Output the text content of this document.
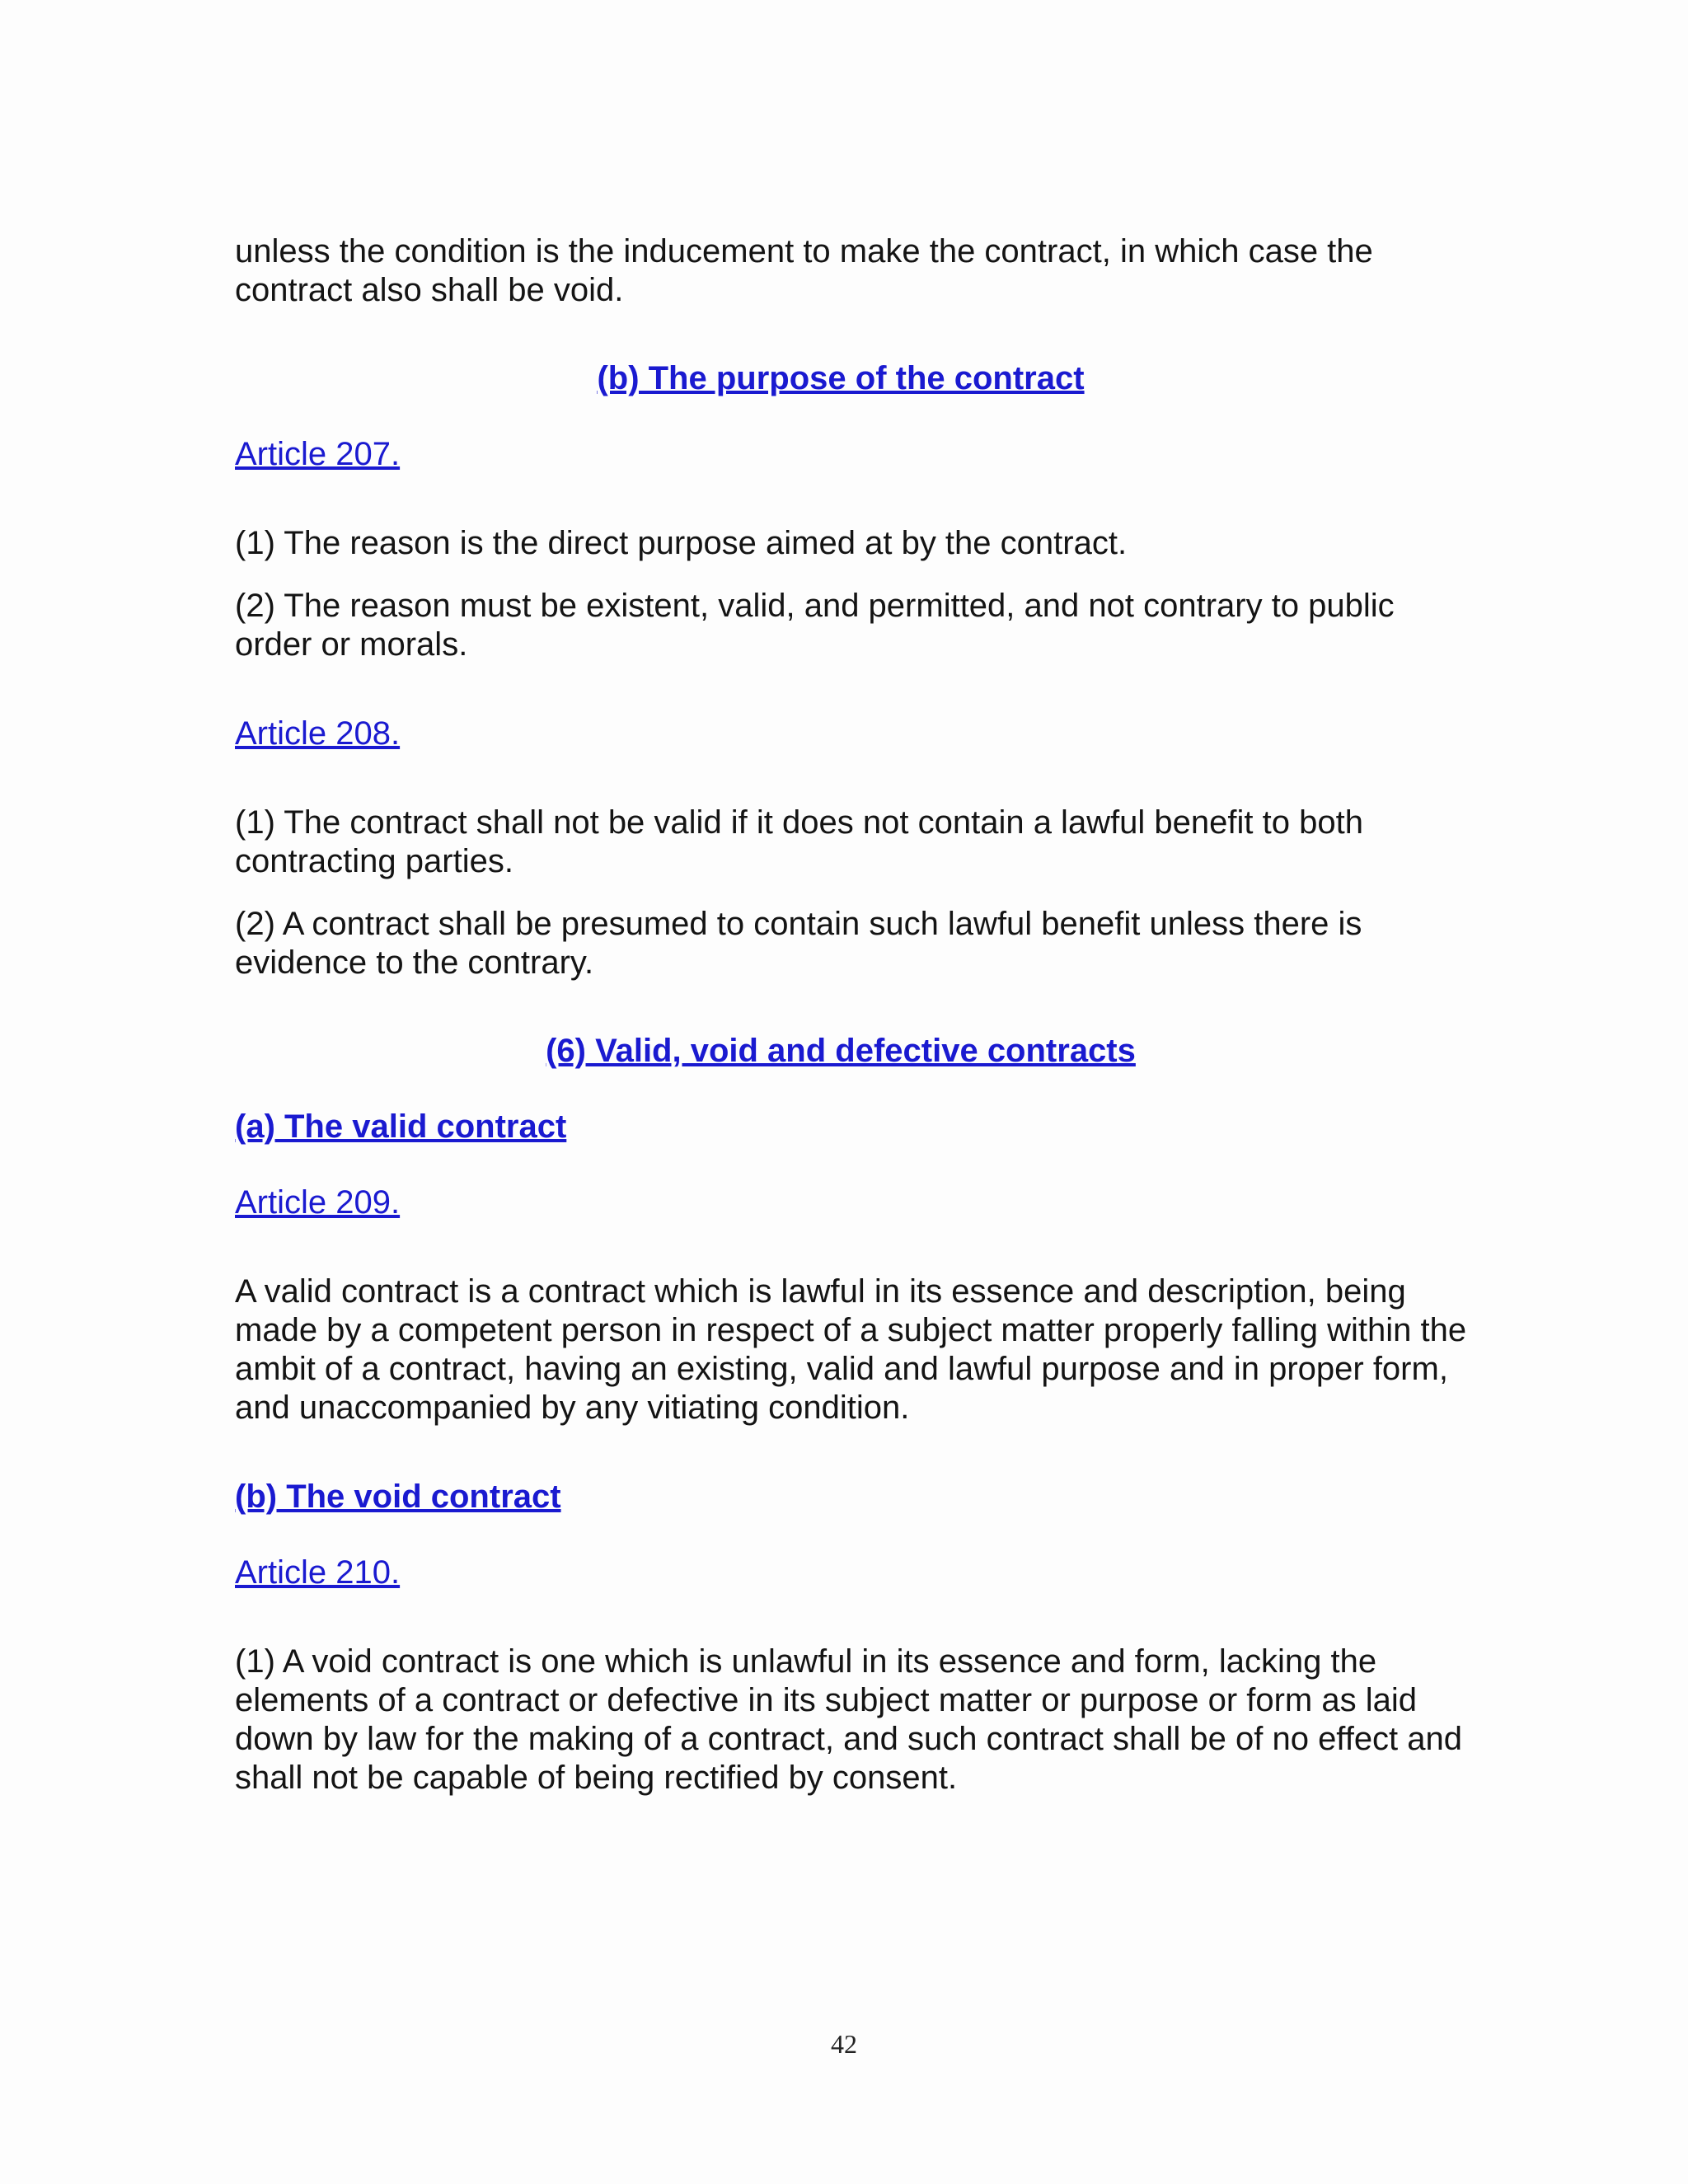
unless the condition is the inducement to make the contract, in which case the contract also shall be void.

(b) The purpose of the contract
Article 207.

(1) The reason is the direct purpose aimed at by the contract.

(2) The reason must be existent, valid, and permitted, and not contrary to public order or morals.

Article 208.

(1) The contract shall not be valid if it does not contain a lawful benefit to both contracting parties.

(2) A contract shall be presumed to contain such lawful benefit unless there is evidence to the contrary.

(6) Valid, void and defective contracts
(a) The valid contract
Article 209.

A valid contract is a contract which is lawful in its essence and description, being made by a competent person in respect of a subject matter properly falling within the ambit of a contract, having an existing, valid and lawful purpose and in proper form, and unaccompanied by any vitiating condition.

(b) The void contract
Article 210.

(1) A void contract is one which is unlawful in its essence and form, lacking the elements of a contract or defective in its subject matter or purpose or form as laid down by law for the making of a contract, and such contract shall be of no effect and shall not be capable of being rectified by consent.

42
